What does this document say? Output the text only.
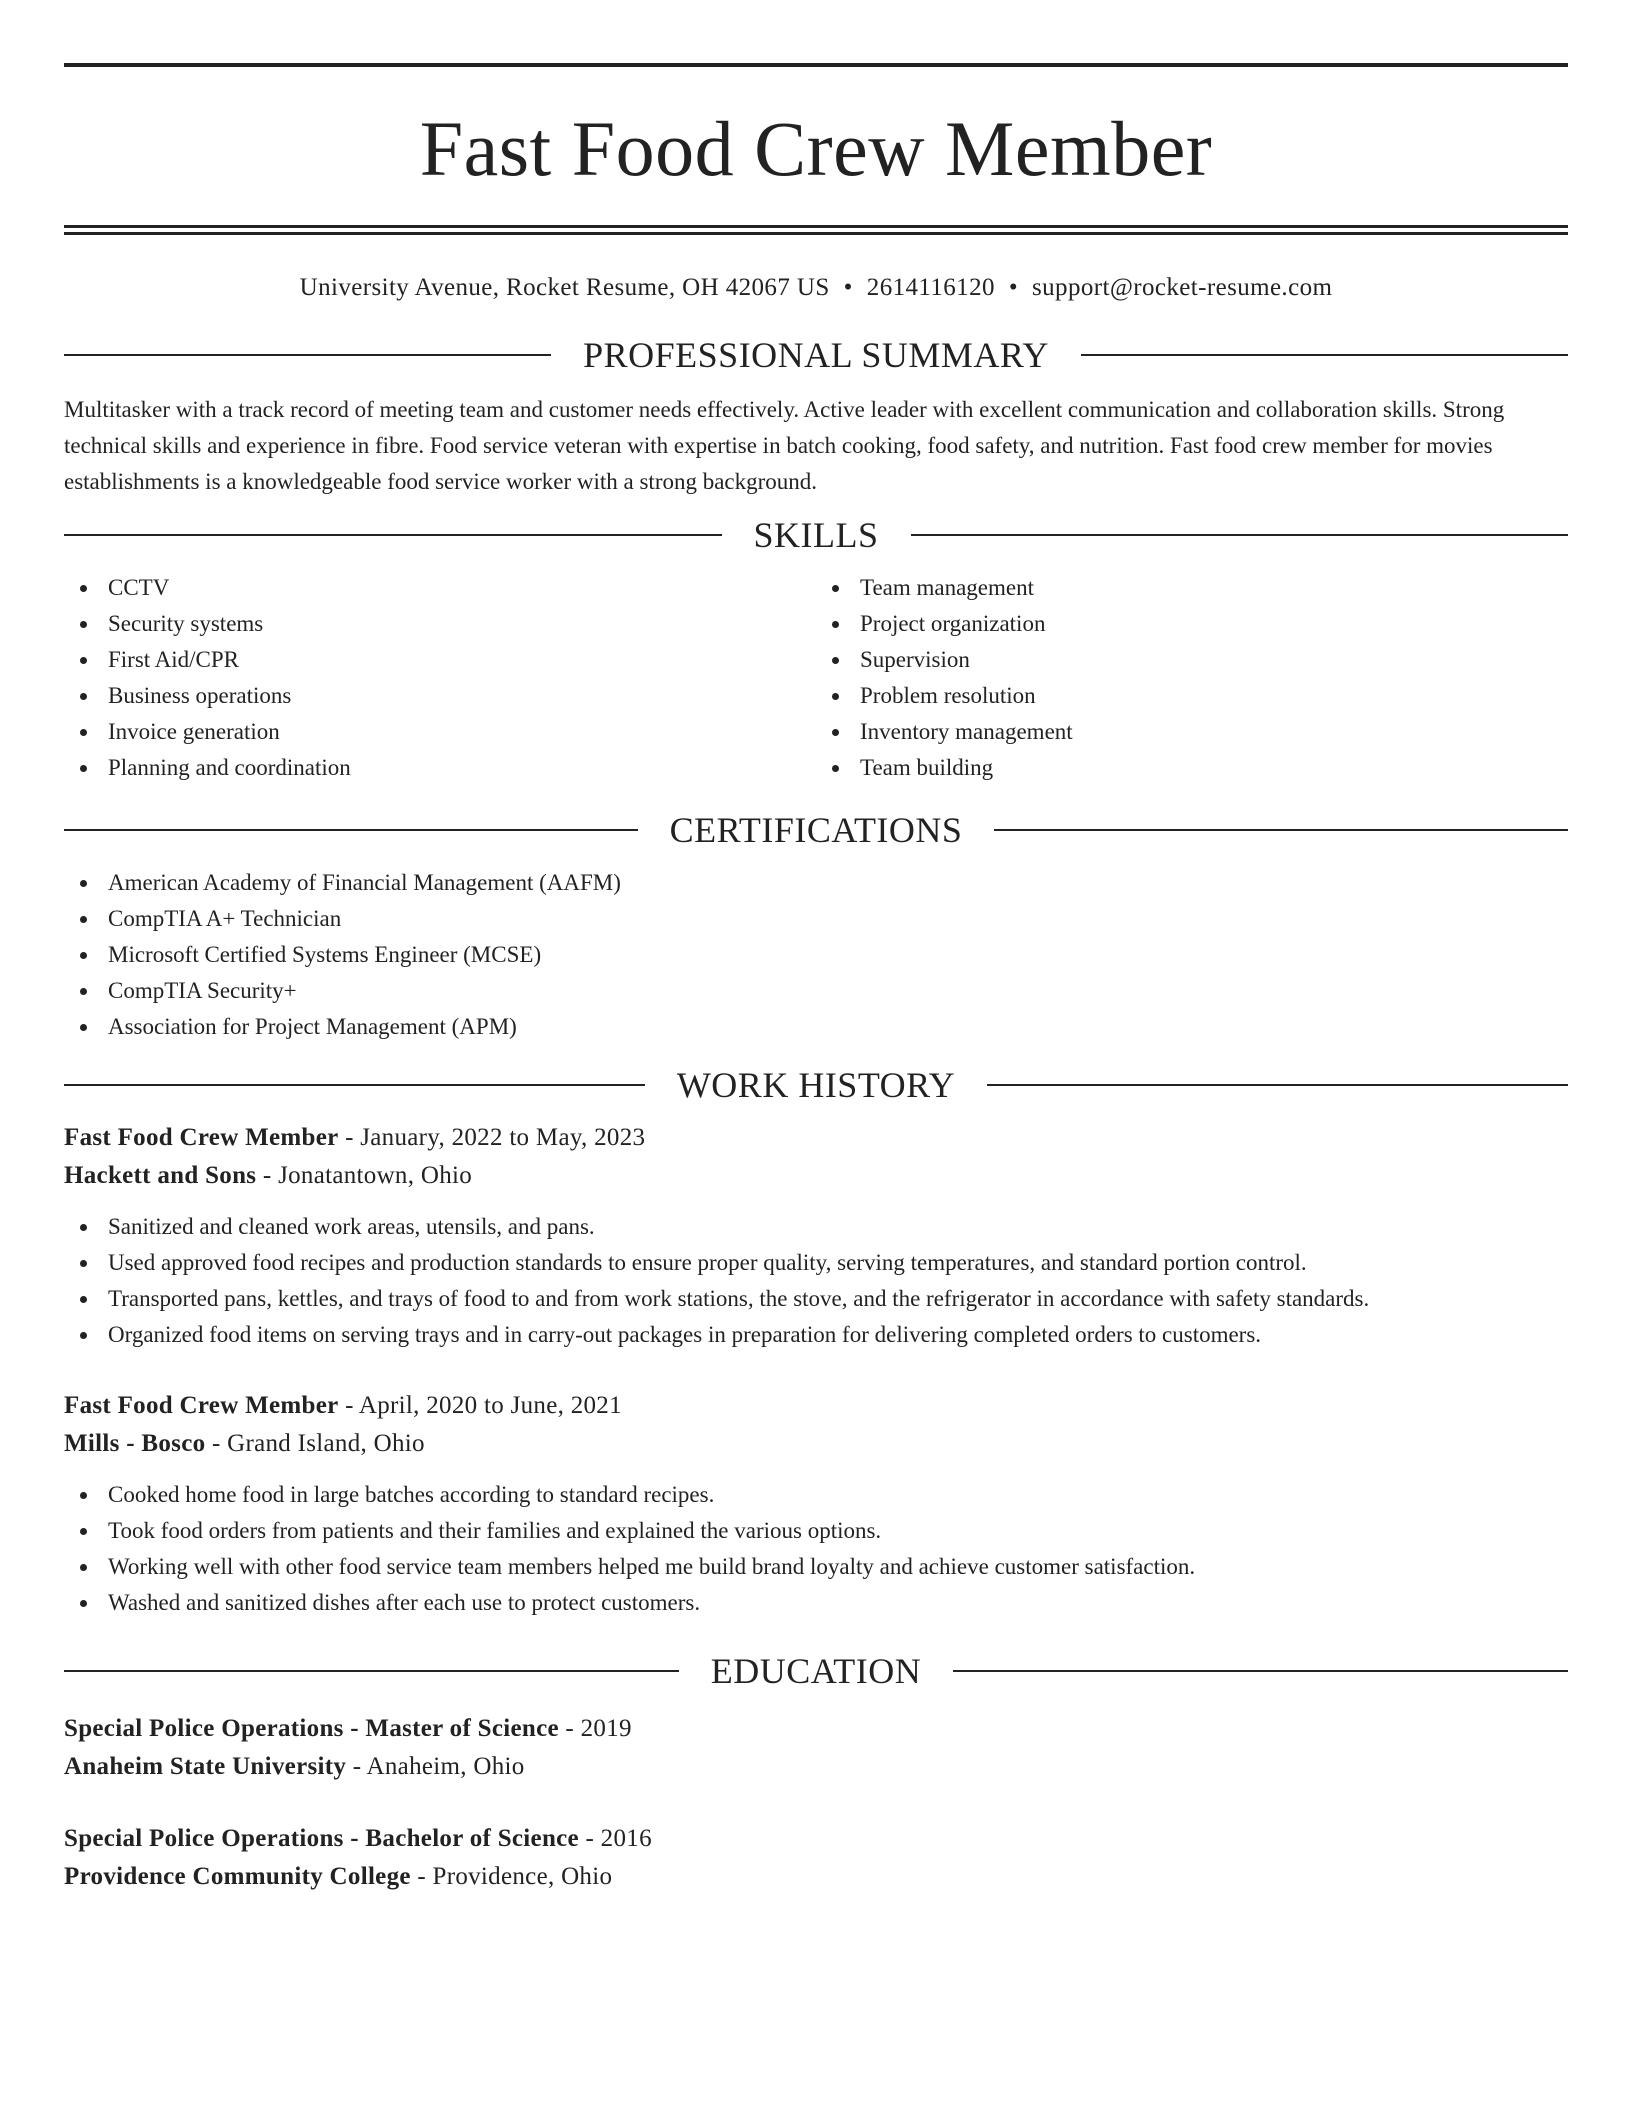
Fast Food Crew Member
University Avenue, Rocket Resume, OH 42067 US • 2614116120 • support@rocket-resume.com
PROFESSIONAL SUMMARY

Multitasker with a track record of meeting team and customer needs effectively. Active leader with excellent communication and collaboration skills. Strong technical skills and experience in fibre. Food service veteran with expertise in batch cooking, food safety, and nutrition. Fast food crew member for movies establishments is a knowledgeable food service worker with a strong background.

SKILLS
CCTV
Security systems
First Aid/CPR
Business operations
Invoice generation
Planning and coordination
Team management
Project organization
Supervision
Problem resolution
Inventory management
Team building
CERTIFICATIONS
American Academy of Financial Management (AAFM)
CompTIA A+ Technician
Microsoft Certified Systems Engineer (MCSE)
CompTIA Security+
Association for Project Management (APM)
WORK HISTORY
Fast Food Crew Member - January, 2022 to May, 2023
Hackett and Sons - Jonatantown, Ohio
Sanitized and cleaned work areas, utensils, and pans.
Used approved food recipes and production standards to ensure proper quality, serving temperatures, and standard portion control.
Transported pans, kettles, and trays of food to and from work stations, the stove, and the refrigerator in accordance with safety standards.
Organized food items on serving trays and in carry-out packages in preparation for delivering completed orders to customers.
Fast Food Crew Member - April, 2020 to June, 2021
Mills - Bosco - Grand Island, Ohio
Cooked home food in large batches according to standard recipes.
Took food orders from patients and their families and explained the various options.
Working well with other food service team members helped me build brand loyalty and achieve customer satisfaction.
Washed and sanitized dishes after each use to protect customers.
EDUCATION
Special Police Operations - Master of Science - 2019
Anaheim State University - Anaheim, Ohio
Special Police Operations - Bachelor of Science - 2016
Providence Community College - Providence, Ohio
